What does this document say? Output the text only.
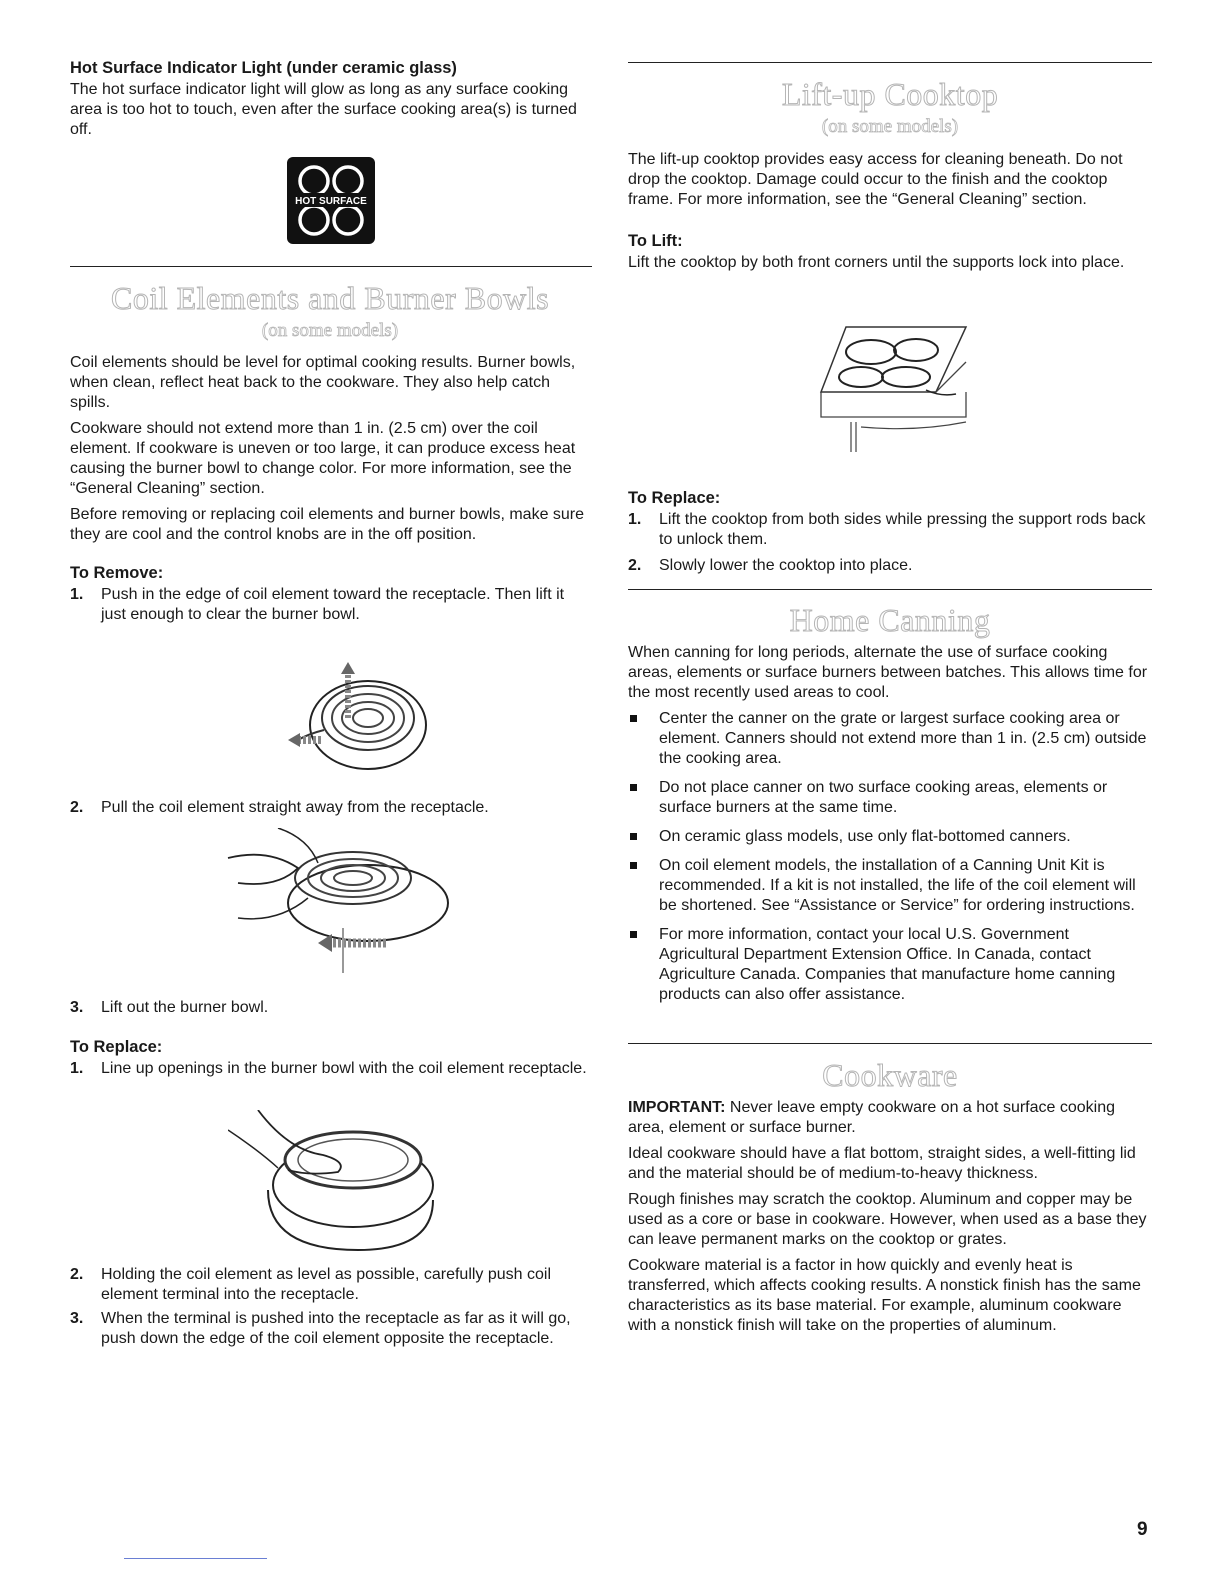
Hot Surface Indicator Light (under ceramic glass)

The hot surface indicator light will glow as long as any surface cooking area is too hot to touch, even after the surface cooking area(s) is turned off.

HOT SURFACE
Coil Elements and Burner Bowls
(on some models)

Coil elements should be level for optimal cooking results. Burner bowls, when clean, reflect heat back to the cookware. They also help catch spills.

Cookware should not extend more than 1 in. (2.5 cm) over the coil element. If cookware is uneven or too large, it can produce excess heat causing the burner bowl to change color. For more information, see the “General Cleaning” section.

Before removing or replacing coil elements and burner bowls, make sure they are cool and the control knobs are in the off position.

To Remove:

1. Push in the edge of coil element toward the receptacle. Then lift it just enough to clear the burner bowl.
2. Pull the coil element straight away from the receptacle.
3. Lift out the burner bowl.

To Replace:

1. Line up openings in the burner bowl with the coil element receptacle.
2. Holding the coil element as level as possible, carefully push coil element terminal into the receptacle.
3. When the terminal is pushed into the receptacle as far as it will go, push down the edge of the coil element opposite the receptacle.
Lift-up Cooktop
(on some models)

The lift-up cooktop provides easy access for cleaning beneath. Do not drop the cooktop. Damage could occur to the finish and the cooktop frame. For more information, see the “General Cleaning” section.

To Lift:

Lift the cooktop by both front corners until the supports lock into place.

To Replace:

1. Lift the cooktop from both sides while pressing the support rods back to unlock them.
2. Slowly lower the cooktop into place.
Home Canning

When canning for long periods, alternate the use of surface cooking areas, elements or surface burners between batches. This allows time for the most recently used areas to cool.

Center the canner on the grate or largest surface cooking area or element. Canners should not extend more than 1 in. (2.5 cm) outside the cooking area.
Do not place canner on two surface cooking areas, elements or surface burners at the same time.
On ceramic glass models, use only flat-bottomed canners.
On coil element models, the installation of a Canning Unit Kit is recommended. If a kit is not installed, the life of the coil element will be shortened. See “Assistance or Service” for ordering instructions.
For more information, contact your local U.S. Government Agricultural Department Extension Office. In Canada, contact Agriculture Canada. Companies that manufacture home canning products can also offer assistance.
Cookware

IMPORTANT: Never leave empty cookware on a hot surface cooking area, element or surface burner.

Ideal cookware should have a flat bottom, straight sides, a well-fitting lid and the material should be of medium-to-heavy thickness.

Rough finishes may scratch the cooktop. Aluminum and copper may be used as a core or base in cookware. However, when used as a base they can leave permanent marks on the cooktop or grates.

Cookware material is a factor in how quickly and evenly heat is transferred, which affects cooking results. A nonstick finish has the same characteristics as its base material. For example, aluminum cookware with a nonstick finish will take on the properties of aluminum.

9
